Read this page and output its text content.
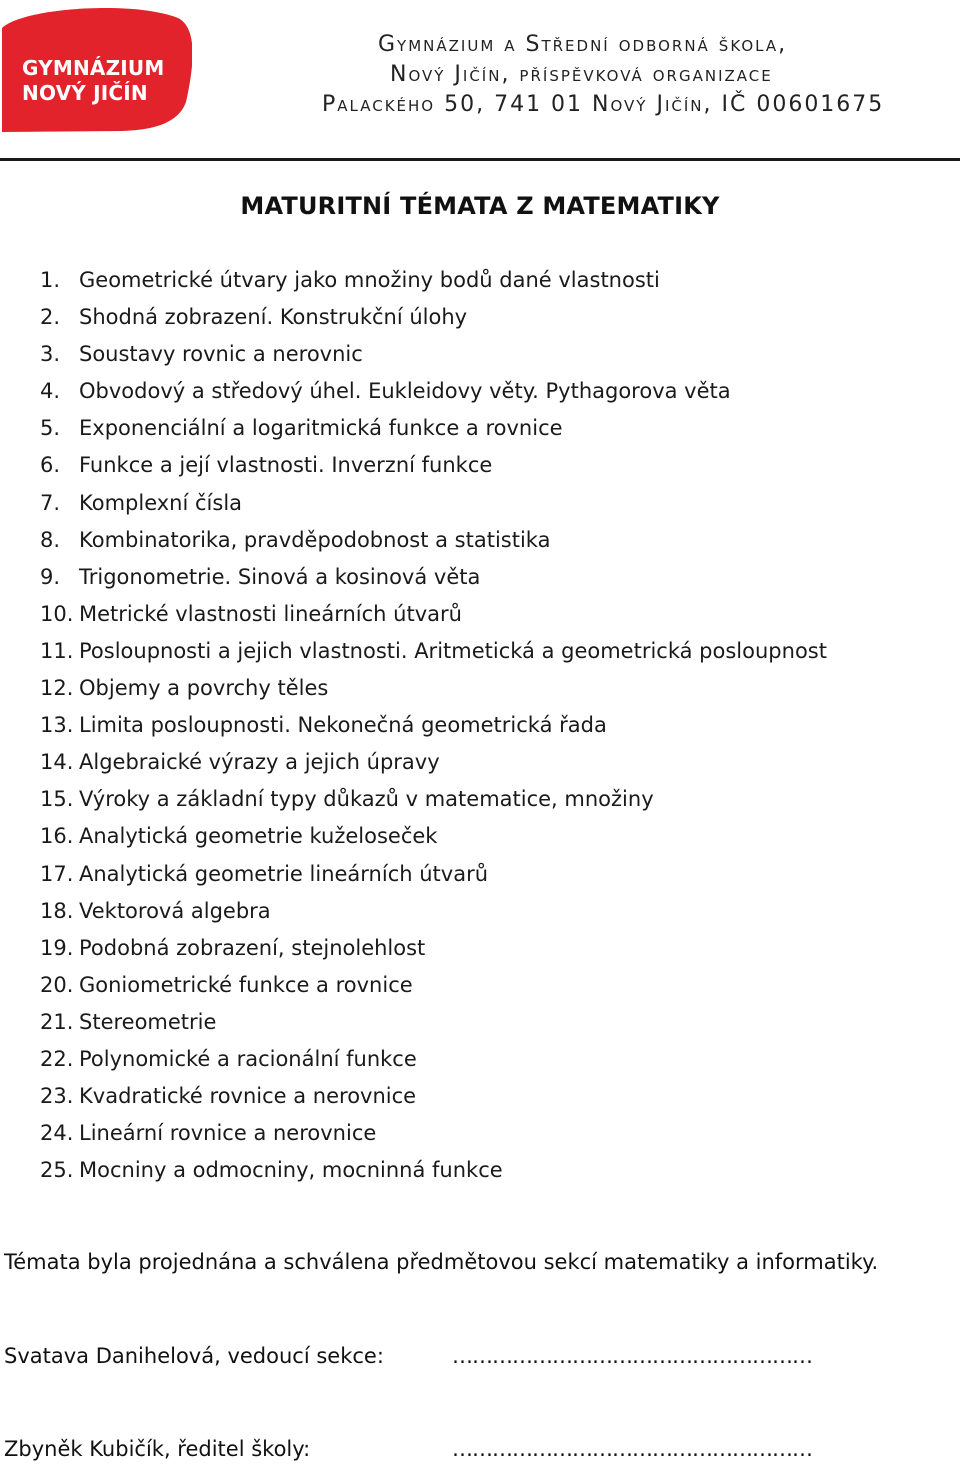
GYMNÁZIUM
NOVÝ JIČÍN
Gymnázium a Střední odborná škola,
Nový Jičín, příspěvková organizace
Palackého 50, 741 01 Nový Jičín, IČ 00601675
MATURITNÍ TÉMATA Z MATEMATIKY
1. Geometrické útvary jako množiny bodů dané vlastnosti
2. Shodná zobrazení. Konstrukční úlohy
3. Soustavy rovnic a nerovnic
4. Obvodový a středový úhel. Eukleidovy věty. Pythagorova věta
5. Exponenciální a logaritmická funkce a rovnice
6. Funkce a její vlastnosti. Inverzní funkce
7. Komplexní čísla
8. Kombinatorika, pravděpodobnost a statistika
9. Trigonometrie. Sinová a kosinová věta
10. Metrické vlastnosti lineárních útvarů
11. Posloupnosti a jejich vlastnosti. Aritmetická a geometrická posloupnost
12. Objemy a povrchy těles
13. Limita posloupnosti. Nekonečná geometrická řada
14. Algebraické výrazy a jejich úpravy
15. Výroky a základní typy důkazů v matematice, množiny
16. Analytická geometrie kuželoseček
17. Analytická geometrie lineárních útvarů
18. Vektorová algebra
19. Podobná zobrazení, stejnolehlost
20. Goniometrické funkce a rovnice
21. Stereometrie
22. Polynomické a racionální funkce
23. Kvadratické rovnice a nerovnice
24. Lineární rovnice a nerovnice
25. Mocniny a odmocniny, mocninná funkce
Témata byla projednána a schválena předmětovou sekcí matematiky a informatiky.
Svatava Danihelová, vedoucí sekce:	………………………………………………
Zbyněk Kubičík, ředitel školy:	………………………………………………
